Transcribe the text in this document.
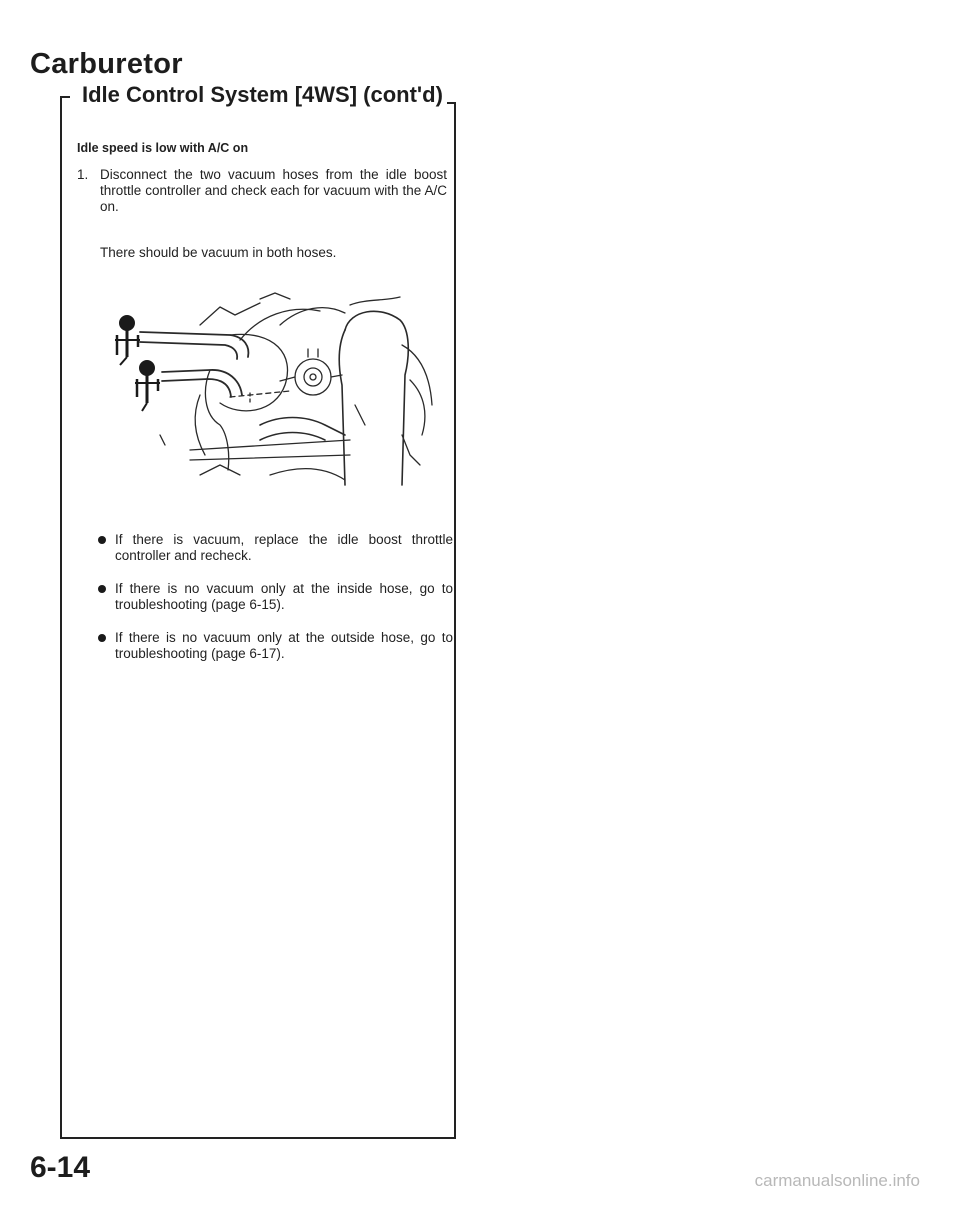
Carburetor
Idle Control System [4WS] (cont'd)

Idle speed is low with A/C on

1. Disconnect the two vacuum hoses from the idle boost throttle controller and check each for vacuum with the A/C on.

There should be vacuum in both hoses.

If there is vacuum, replace the idle boost throttle controller and recheck.
If there is no vacuum only at the inside hose, go to troubleshooting (page 6-15).
If there is no vacuum only at the outside hose, go to troubleshooting (page 6-17).

6-14	carmanualsonline.info
